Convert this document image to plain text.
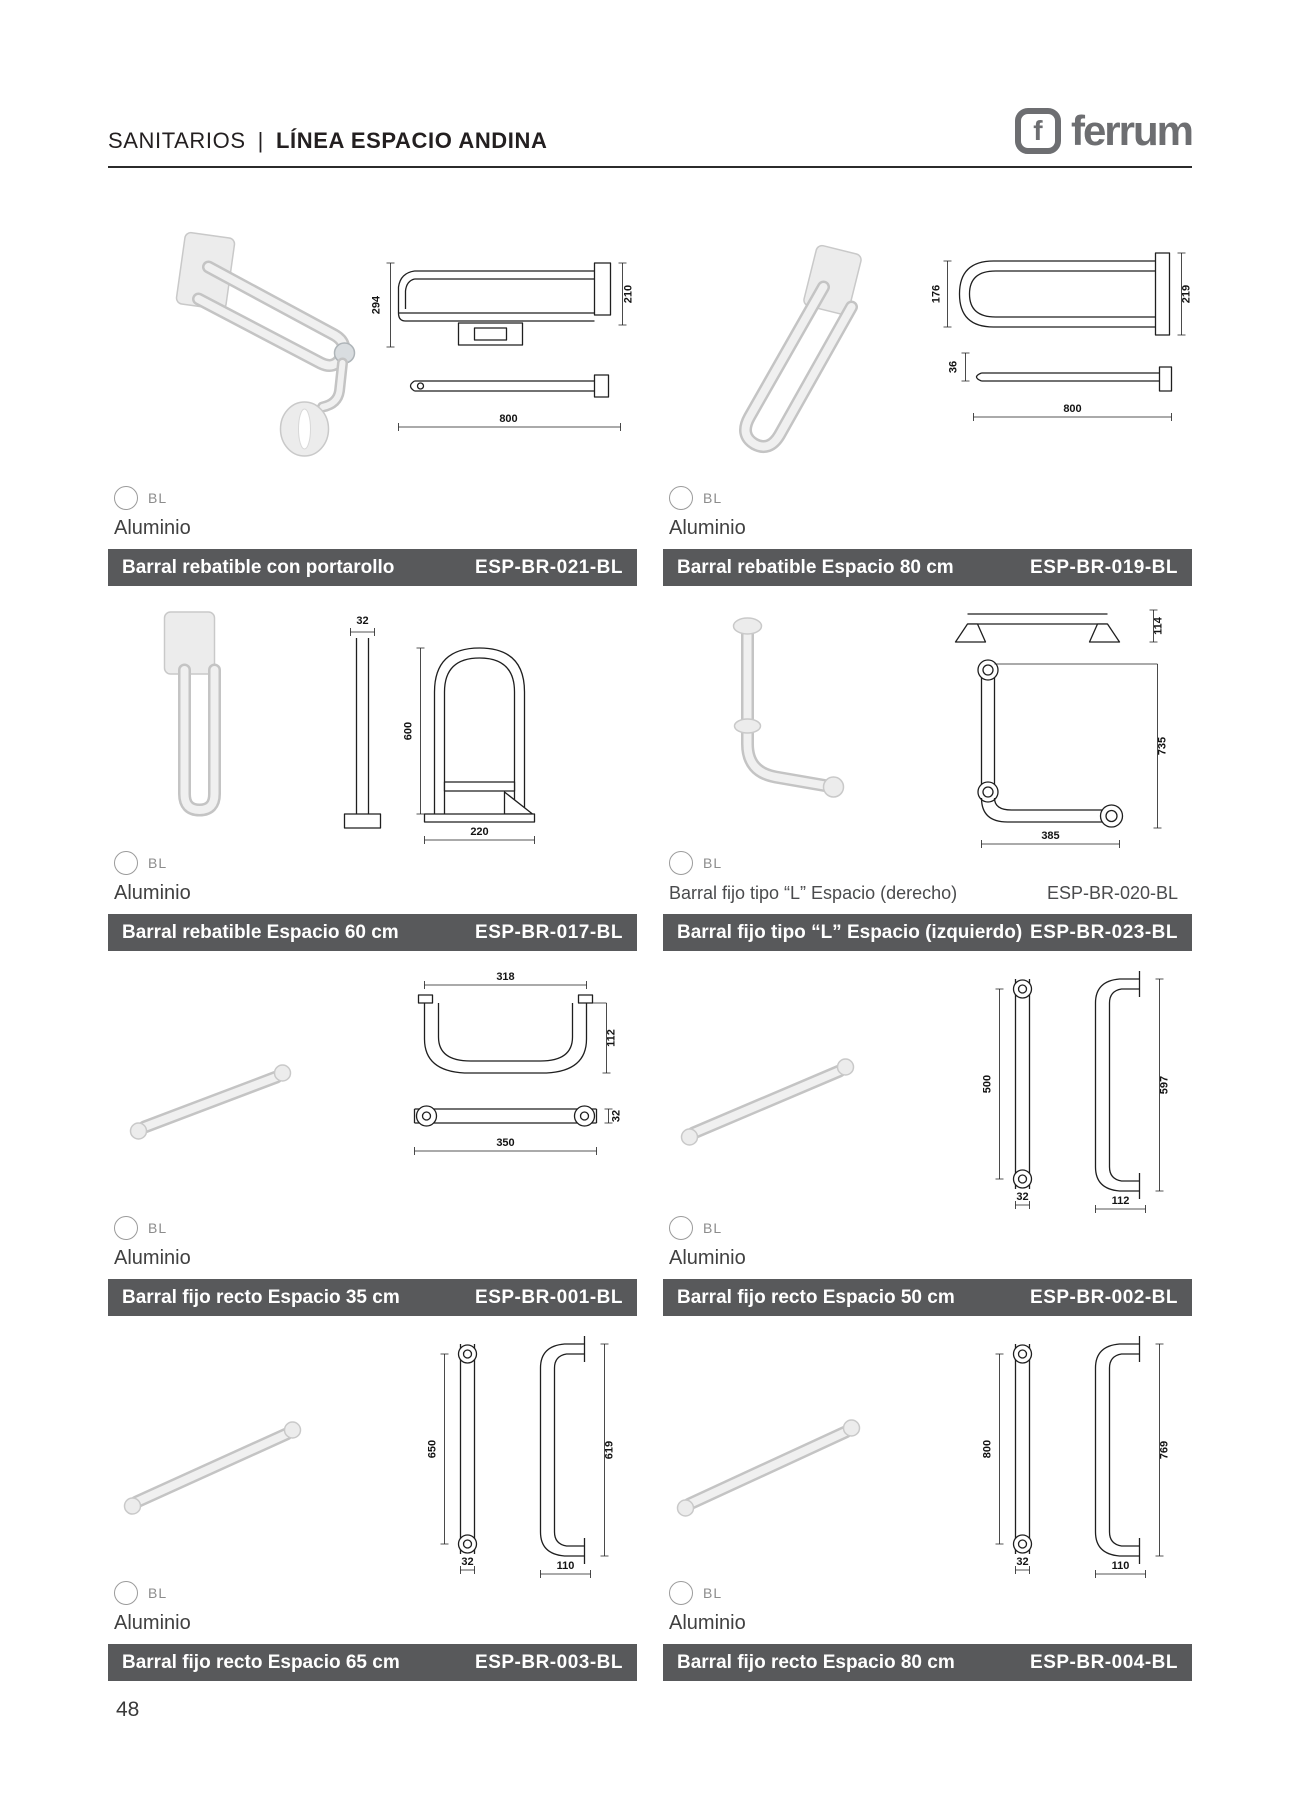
SANITARIOS | LÍNEA ESPACIO ANDINA	f ferrum
294
210
800
BL
Aluminio
Barral rebatible con portarollo	ESP-BR-021-BL
176	219
36
800
BL
Aluminio
Barral rebatible Espacio 80 cm	ESP-BR-019-BL
32
600
220
BL
Aluminio
Barral rebatible Espacio 60 cm	ESP-BR-017-BL
114
735
385
BL
Barral fijo tipo “L” Espacio (derecho)	ESP-BR-020-BL
Barral fijo tipo “L” Espacio (izquierdo) ESP-BR-023-BL
318
112
350
32
BL
Aluminio
Barral fijo recto Espacio 35 cm	ESP-BR-001-BL
500
32
597
112
BL
Aluminio
Barral fijo recto Espacio 50 cm	ESP-BR-002-BL
650
32
619
110
BL
Aluminio
Barral fijo recto Espacio 65 cm	ESP-BR-003-BL
800
32
769
110
BL
Aluminio
Barral fijo recto Espacio 80 cm	ESP-BR-004-BL
48
